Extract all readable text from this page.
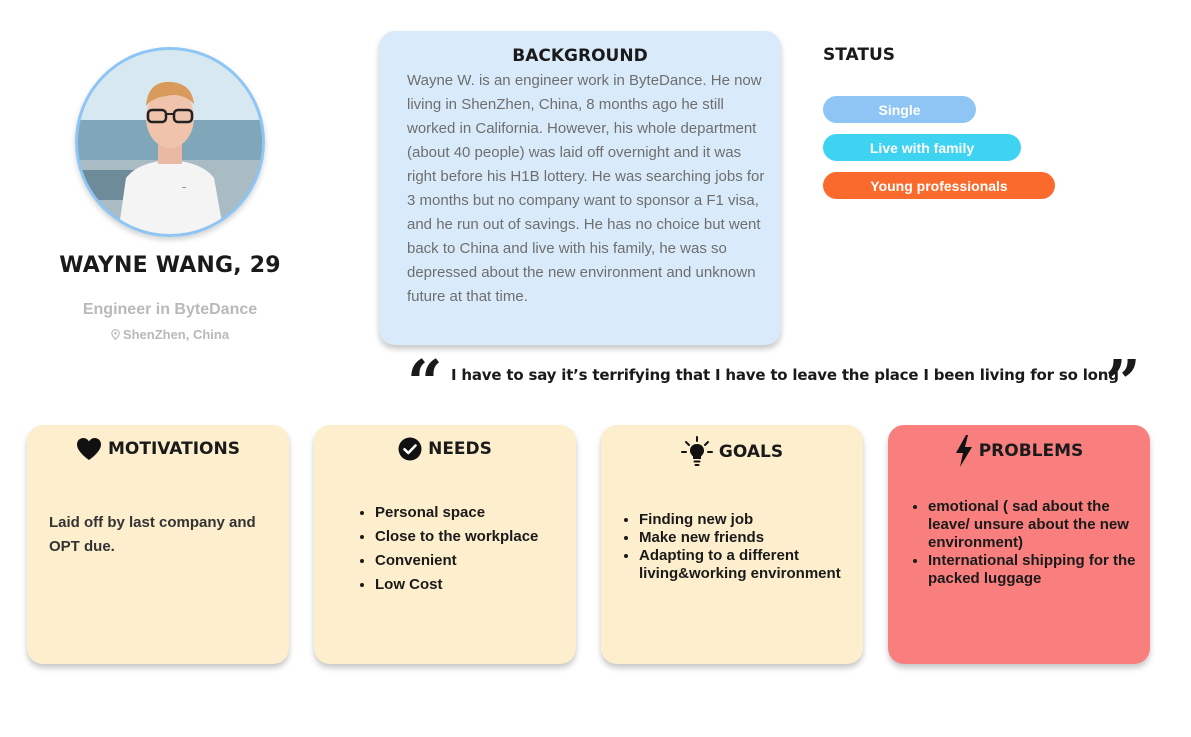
~
WAYNE WANG, 29
Engineer in ByteDance
ShenZhen, China
BACKGROUND
Wayne W. is an engineer work in ByteDance. He now living in ShenZhen, China, 8 months ago he still worked in California. However, his whole department (about 40 people) was laid off overnight and it was right before his H1B lottery. He was searching jobs for 3 months but no company want to sponsor a F1 visa, and he run out of savings. He has no choice but went back to China and live with his family, he was so depressed about the new environment and unknown future at that time.
STATUS
Single
Live with family
Young professionals
“ I have to say it’s terrifying that I have to leave the place I been living for so long
”
MOTIVATIONS
Laid off by last company and OPT due.
NEEDS
• Personal space
• Close to the workplace
• Convenient
• Low Cost
GOALS
• Finding new job
• Make new friends
• Adapting to a different living&working environment
PROBLEMS
• emotional ( sad about the leave/ unsure about the new environment)
• International shipping for the packed luggage
